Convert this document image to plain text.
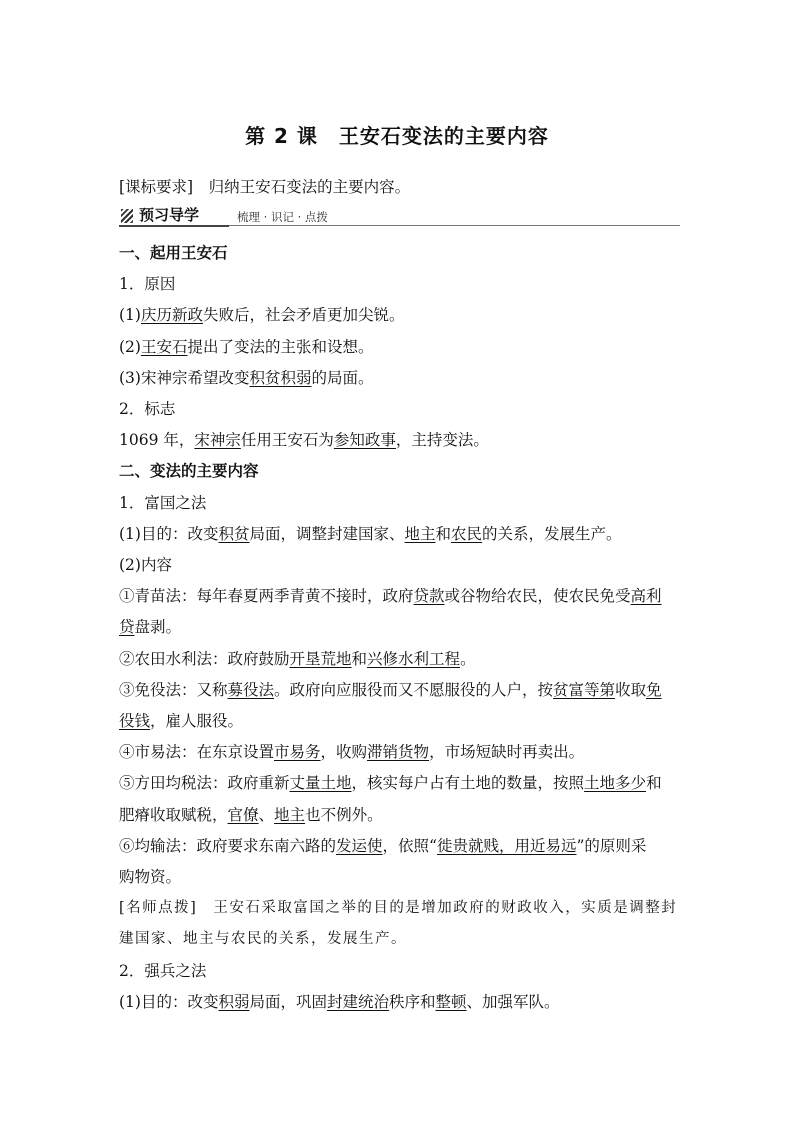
第 2 课　王安石变法的主要内容
[课标要求]　归纳王安石变法的主要内容。
预习导学	梳理 · 识记 · 点拨
一、起用王安石
1．原因
(1)庆历新政失败后，社会矛盾更加尖锐。
(2)王安石提出了变法的主张和设想。
(3)宋神宗希望改变积贫积弱的局面。
2．标志
1069 年，宋神宗任用王安石为参知政事，主持变法。
二、变法的主要内容
1．富国之法
(1)目的：改变积贫局面，调整封建国家、地主和农民的关系，发展生产。
(2)内容
①青苗法：每年春夏两季青黄不接时，政府贷款或谷物给农民，使农民免受高利
贷盘剥。
②农田水利法：政府鼓励开垦荒地和兴修水利工程。
③免役法：又称募役法。政府向应服役而又不愿服役的人户，按贫富等第收取免
役钱，雇人服役。
④市易法：在东京设置市易务，收购滞销货物，市场短缺时再卖出。
⑤方田均税法：政府重新丈量土地，核实每户占有土地的数量，按照土地多少和
肥瘠收取赋税，官僚、地主也不例外。
⑥均输法：政府要求东南六路的发运使，依照“徙贵就贱，用近易远”的原则采
购物资。
[名师点拨]　王安石采取富国之举的目的是增加政府的财政收入，实质是调整封
建国家、地主与农民的关系，发展生产。
2．强兵之法
(1)目的：改变积弱局面，巩固封建统治秩序和整顿、加强军队。
